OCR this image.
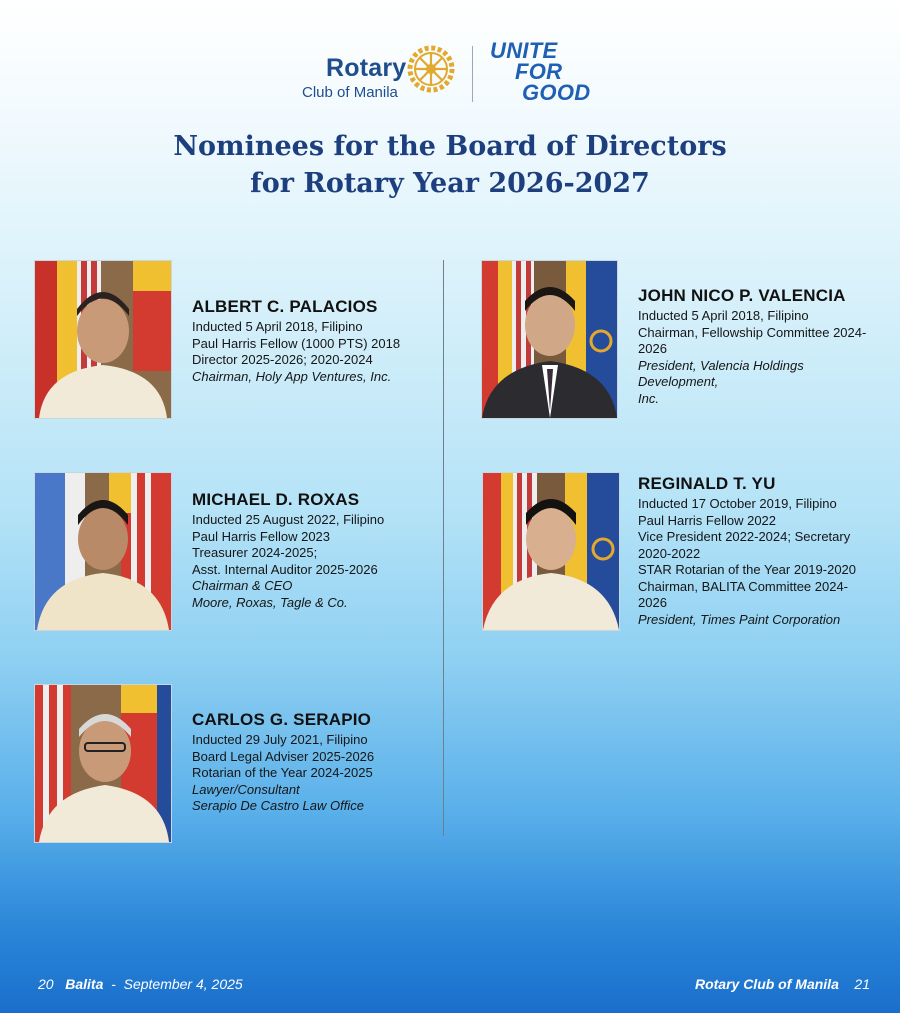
Rotary
Club of Manila
UNITE
FOR
GOOD
Nominees for the Board of Directors
for Rotary Year 2026-2027
ALBERT C. PALACIOS
Inducted 5 April 2018, Filipino
Paul Harris Fellow (1000 PTS) 2018
Director 2025-2026; 2020-2024
Chairman, Holy App Ventures, Inc.
MICHAEL D. ROXAS
Inducted 25 August 2022, Filipino
Paul Harris Fellow 2023
Treasurer 2024-2025;
Asst. Internal Auditor 2025-2026
Chairman & CEO
Moore, Roxas, Tagle & Co.
CARLOS G. SERAPIO
Inducted 29 July 2021, Filipino
Board Legal Adviser 2025-2026
Rotarian of the Year 2024-2025
Lawyer/Consultant
Serapio De Castro Law Office
JOHN NICO P. VALENCIA
Inducted 5 April 2018, Filipino
Chairman, Fellowship Committee 2024-
2026
President, Valencia Holdings Development,
Inc.
REGINALD T. YU
Inducted 17 October 2019, Filipino
Paul Harris Fellow 2022
Vice President 2022-2024; Secretary
2020-2022
STAR Rotarian of the Year 2019-2020
Chairman, BALITA Committee 2024-
2026
President, Times Paint Corporation
20 Balita - September 4, 2025	Rotary Club of Manila 21
